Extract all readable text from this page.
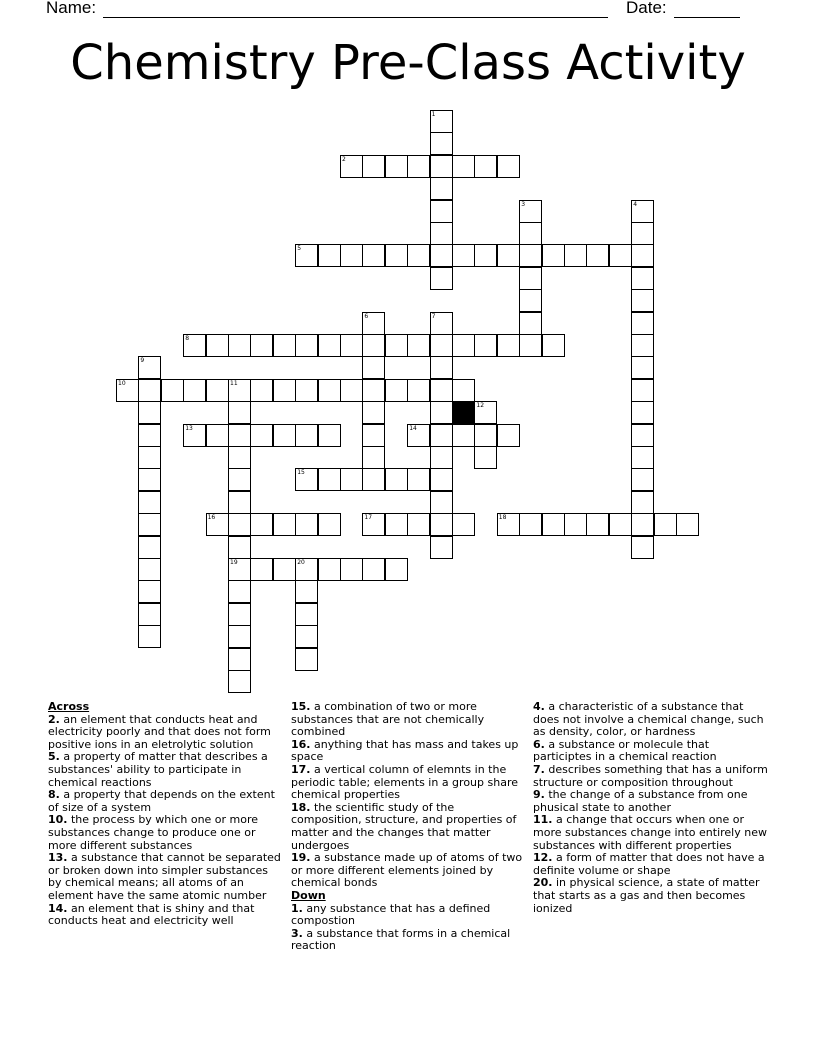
Name:	Date:
Chemistry Pre-Class Activity
1
2
3	4
5
6	7
8
9
10	11
19
12
13	14
15
16	17	18
20
Across

2. an element that conducts heat and electricity poorly and that does not form positive ions in an eletrolytic solution

5. a property of matter that describes a substances' ability to participate in chemical reactions

8. a property that depends on the extent of size of a system

10. the process by which one or more substances change to produce one or more different substances

13. a substance that cannot be separated or broken down into simpler substances by chemical means; all atoms of an element have the same atomic number

14. an element that is shiny and that conducts heat and electricity well

15. a combination of two or more substances that are not chemically combined

16. anything that has mass and takes up space

17. a vertical column of elemnts in the periodic table; elements in a group share chemical properties

18. the scientific study of the composition, structure, and properties of matter and the changes that matter undergoes

19. a substance made up of atoms of two or more different elements joined by chemical bonds

Down

1. any substance that has a defined compostion

3. a substance that forms in a chemical reaction

4. a characteristic of a substance that does not involve a chemical change, such as density, color, or hardness

6. a substance or molecule that participtes in a chemical reaction

7. describes something that has a uniform structure or composition throughout

9. the change of a substance from one phusical state to another

11. a change that occurs when one or more substances change into entirely new substances with different properties

12. a form of matter that does not have a definite volume or shape

20. in physical science, a state of matter that starts as a gas and then becomes ionized
